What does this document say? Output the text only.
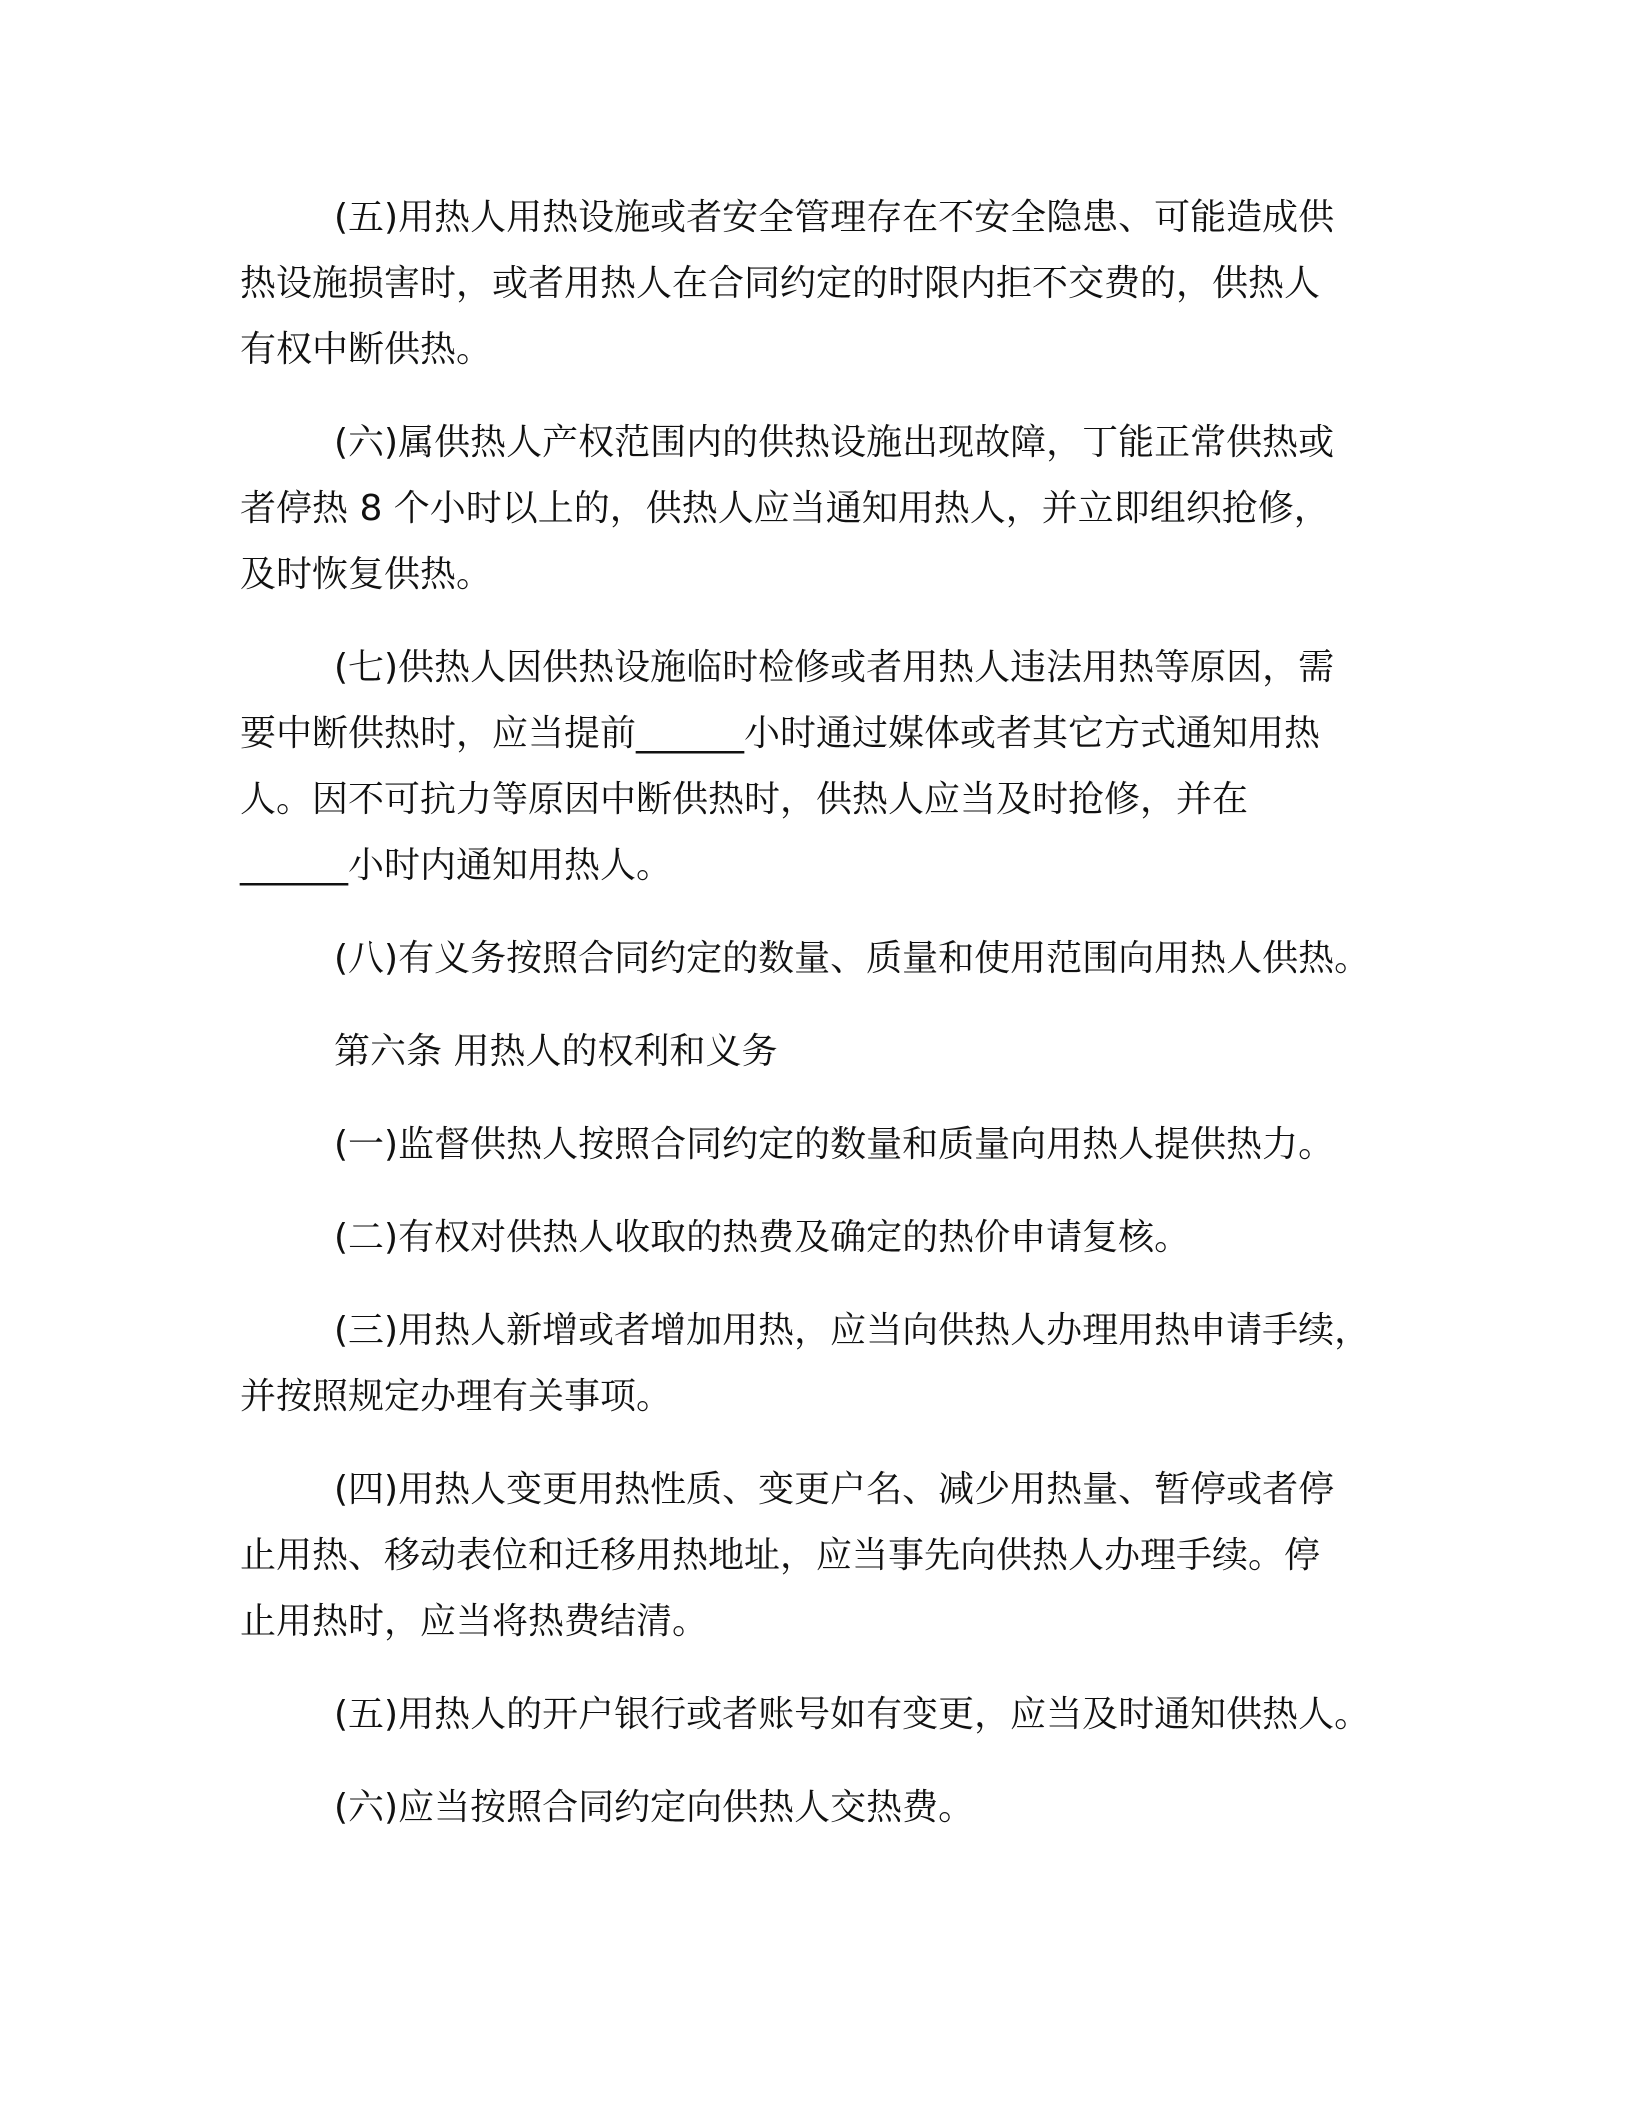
(五)用热人用热设施或者安全管理存在不安全隐患、可能造成供
热设施损害时，或者用热人在合同约定的时限内拒不交费的，供热人
有权中断供热。

(六)属供热人产权范围内的供热设施出现故障，丁能正常供热或
者停热 8 个小时以上的，供热人应当通知用热人，并立即组织抢修，
及时恢复供热。

(七)供热人因供热设施临时检修或者用热人违法用热等原因，需
要中断供热时，应当提前______小时通过媒体或者其它方式通知用热
人。因不可抗力等原因中断供热时，供热人应当及时抢修，并在
______小时内通知用热人。

(八)有义务按照合同约定的数量、质量和使用范围向用热人供热。

第六条 用热人的权利和义务

(一)监督供热人按照合同约定的数量和质量向用热人提供热力。

(二)有权对供热人收取的热费及确定的热价申请复核。

(三)用热人新增或者增加用热，应当向供热人办理用热申请手续，
并按照规定办理有关事项。

(四)用热人变更用热性质、变更户名、减少用热量、暂停或者停
止用热、移动表位和迁移用热地址，应当事先向供热人办理手续。停
止用热时，应当将热费结清。

(五)用热人的开户银行或者账号如有变更，应当及时通知供热人。

(六)应当按照合同约定向供热人交热费。
